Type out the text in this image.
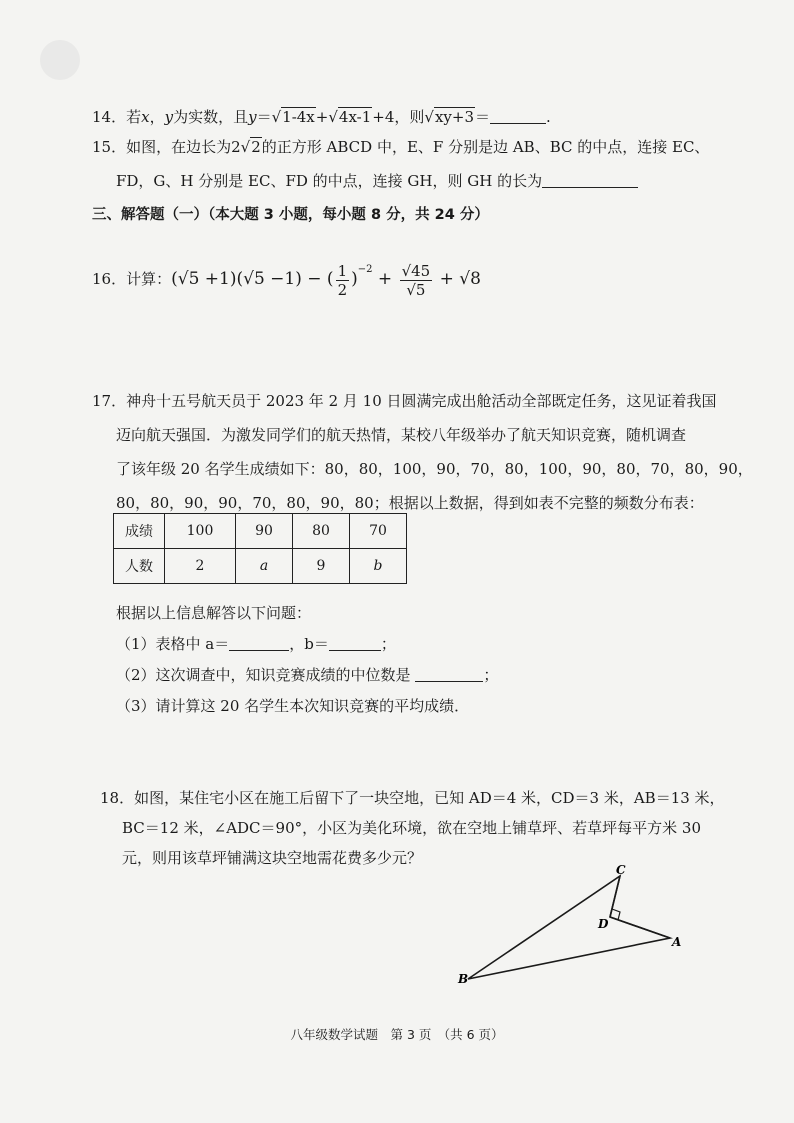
14．若x，y为实数，且y＝√1-4x+√4x-1+4，则√xy+3＝	.
15．如图，在边长为2√2的正方形 ABCD 中，E、F 分别是边 AB、BC 的中点，连接 EC、
FD，G、H 分别是 EC、FD 的中点，连接 GH，则 GH 的长为
三、解答题（一）（本大题 3 小题，每小题 8 分，共 24 分）
16．计算：(√5 +1)(√5 −1) − ( $\frac{1}{2} )^{-2} + \frac{√45}{√5} + √8$
17．神舟十五号航天员于 2023 年 2 月 10 日圆满完成出舱活动全部既定任务，这见证着我国
迈向航天强国．为激发同学们的航天热情，某校八年级举办了航天知识竞赛，随机调查
了该年级 20 名学生成绩如下：80，80，100，90，70，80，100，90，80，70，80，90，
80，80，90，90，70，80，90，80；根据以上数据，得到如表不完整的频数分布表：
成绩	100	90	80	70
人数	2	a	9	b
根据以上信息解答以下问题：
（1）表格中 a＝	，b＝	；
（2）这次调查中，知识竞赛成绩的中位数是	；
（3）请计算这 20 名学生本次知识竞赛的平均成绩．
18．如图，某住宅小区在施工后留下了一块空地，已知 AD＝4 米，CD＝3 米，AB＝13 米，
BC＝12 米，∠ADC＝90°，小区为美化环境，欲在空地上铺草坪、若草坪每平方米 30
元，则用该草坪铺满这块空地需花费多少元？
C
D
A
B
八年级数学试题　第 3 页　（共 6 页）
